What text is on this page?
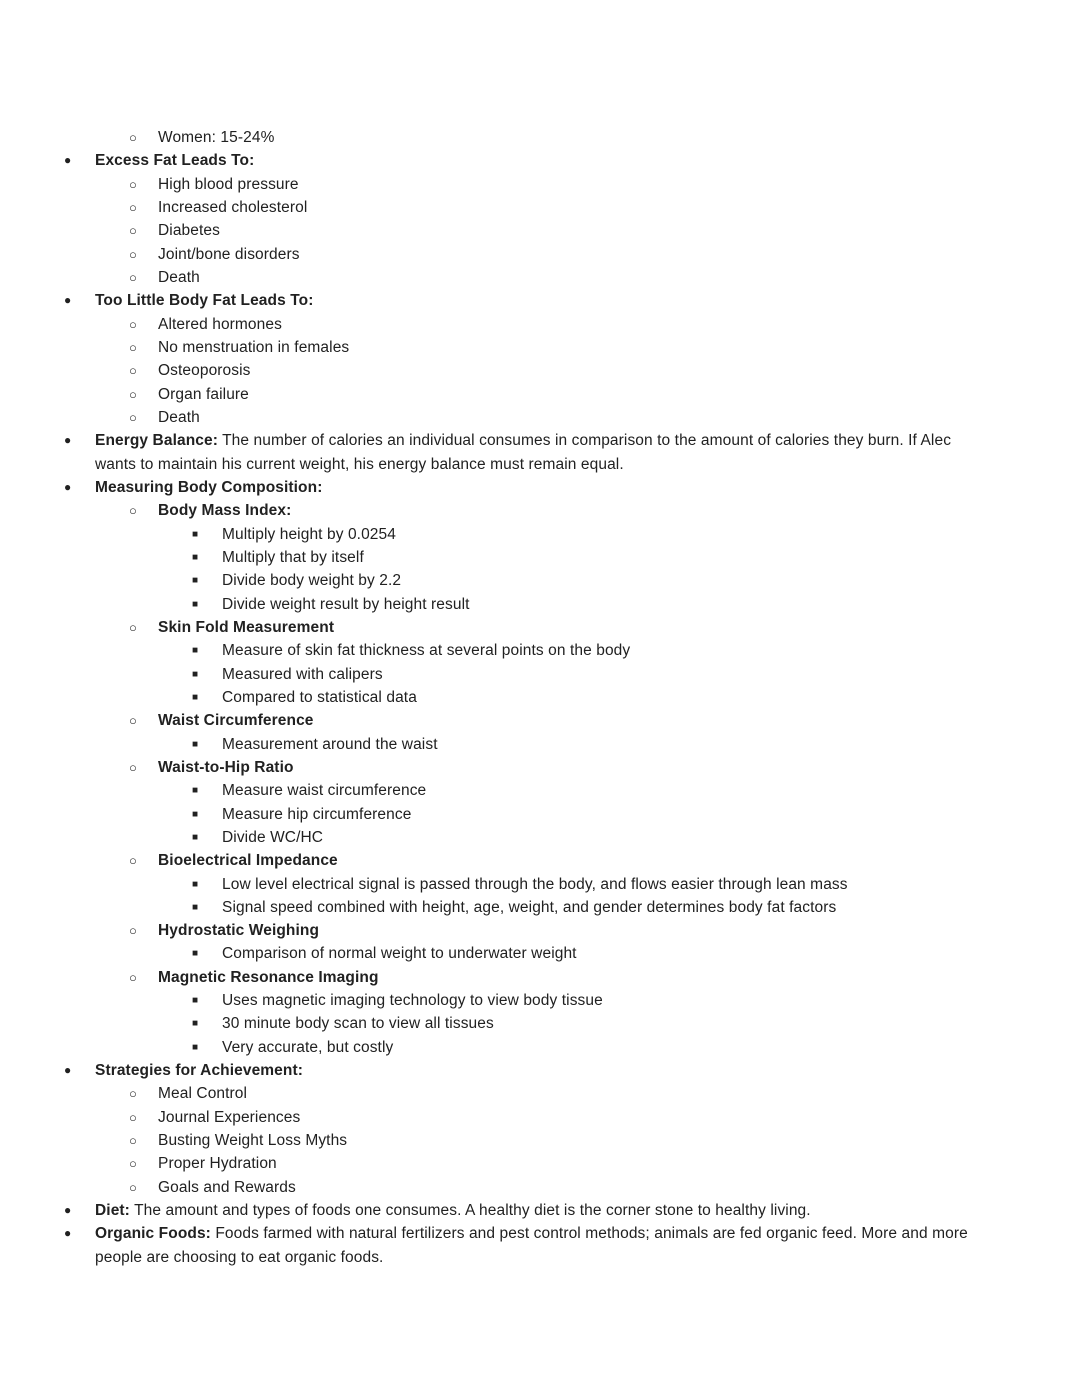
○ Women: 15-24%
● Excess Fat Leads To:
○ High blood pressure
○ Increased cholesterol
○ Diabetes
○ Joint/bone disorders
○ Death
● Too Little Body Fat Leads To:
○ Altered hormones
○ No menstruation in females
○ Osteoporosis
○ Organ failure
○ Death
● Energy Balance: The number of calories an individual consumes in comparison to the amount of calories they burn. If Alec wants to maintain his current weight, his energy balance must remain equal.
● Measuring Body Composition:
○ Body Mass Index:
■ Multiply height by 0.0254
■ Multiply that by itself
■ Divide body weight by 2.2
■ Divide weight result by height result
○ Skin Fold Measurement
■ Measure of skin fat thickness at several points on the body
■ Measured with calipers
■ Compared to statistical data
○ Waist Circumference
■ Measurement around the waist
○ Waist-to-Hip Ratio
■ Measure waist circumference
■ Measure hip circumference
■ Divide WC/HC
○ Bioelectrical Impedance
■ Low level electrical signal is passed through the body, and flows easier through lean mass
■ Signal speed combined with height, age, weight, and gender determines body fat factors
○ Hydrostatic Weighing
■ Comparison of normal weight to underwater weight
○ Magnetic Resonance Imaging
■ Uses magnetic imaging technology to view body tissue
■ 30 minute body scan to view all tissues
■ Very accurate, but costly
● Strategies for Achievement:
○ Meal Control
○ Journal Experiences
○ Busting Weight Loss Myths
○ Proper Hydration
○ Goals and Rewards
● Diet: The amount and types of foods one consumes. A healthy diet is the corner stone to healthy living.
● Organic Foods: Foods farmed with natural fertilizers and pest control methods; animals are fed organic feed. More and more people are choosing to eat organic foods.
